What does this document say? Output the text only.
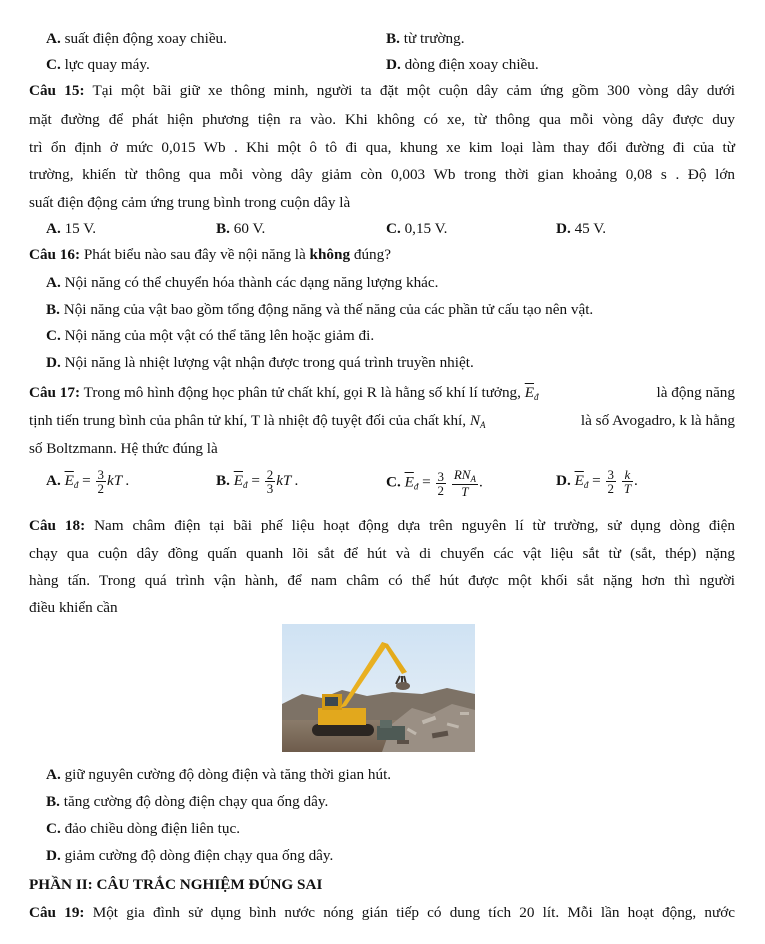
A. suất điện động xoay chiều.	B. từ trường.
C. lực quay máy.	D. dòng điện xoay chiều.
Câu 15: Tại một bãi giữ xe thông minh, người ta đặt một cuộn dây cảm ứng gồm 300 vòng dây dưới
mặt đường để phát hiện phương tiện ra vào. Khi không có xe, từ thông qua mỗi vòng dây được duy
trì ổn định ở mức 0,015 Wb . Khi một ô tô đi qua, khung xe kim loại làm thay đổi đường đi của từ
trường, khiến từ thông qua mỗi vòng dây giảm còn 0,003 Wb trong thời gian khoảng 0,08 s . Độ lớn
suất điện động cảm ứng trung bình trong cuộn dây là
A. 15 V.	B. 60 V.	C. 0,15 V.	D. 45 V.
Câu 16: Phát biểu nào sau đây về nội năng là không đúng?
A. Nội năng có thể chuyển hóa thành các dạng năng lượng khác.
B. Nội năng của vật bao gồm tổng động năng và thế năng của các phần tử cấu tạo nên vật.
C. Nội năng của một vật có thể tăng lên hoặc giảm đi.
D. Nội năng là nhiệt lượng vật nhận được trong quá trình truyền nhiệt.
Câu 17: Trong mô hình động học phân tử chất khí, gọi R là hằng số khí lí tưởng, $\overline{E}_đ$	là động năng
tịnh tiến trung bình của phân tử khí, T là nhiệt độ tuyệt đối của chất khí, $N_A$	là số Avogadro, k là hằng
số Boltzmann. Hệ thức đúng là
A. $\overline{E}_đ = \frac{3}{2}$ kT .	B. $\overline{E}_đ = \frac{2}{3}$ kT .	C. $\overline{E}_đ = \frac{3}{2}$
$\frac{RN_A}{T}$ .	D. $\overline{E}_đ = \frac{3}{2}$
$\frac{k}{T}$ .
Câu 18: Nam châm điện tại bãi phế liệu hoạt động dựa trên nguyên lí từ trường, sử dụng dòng điện
chạy qua cuộn dây đồng quấn quanh lõi sắt để hút và di chuyển các vật liệu sắt từ (sắt, thép) nặng
hàng tấn. Trong quá trình vận hành, để nam châm có thể hút được một khối sắt nặng hơn thì người
điều khiển cần
A. giữ nguyên cường độ dòng điện và tăng thời gian hút.
B. tăng cường độ dòng điện chạy qua ống dây.
C. đảo chiều dòng điện liên tục.
D. giảm cường độ dòng điện chạy qua ống dây.
PHẦN II: CÂU TRẮC NGHIỆM ĐÚNG SAI
Câu 19: Một gia đình sử dụng bình nước nóng gián tiếp có dung tích 20 lít. Mỗi lần hoạt động, nước
